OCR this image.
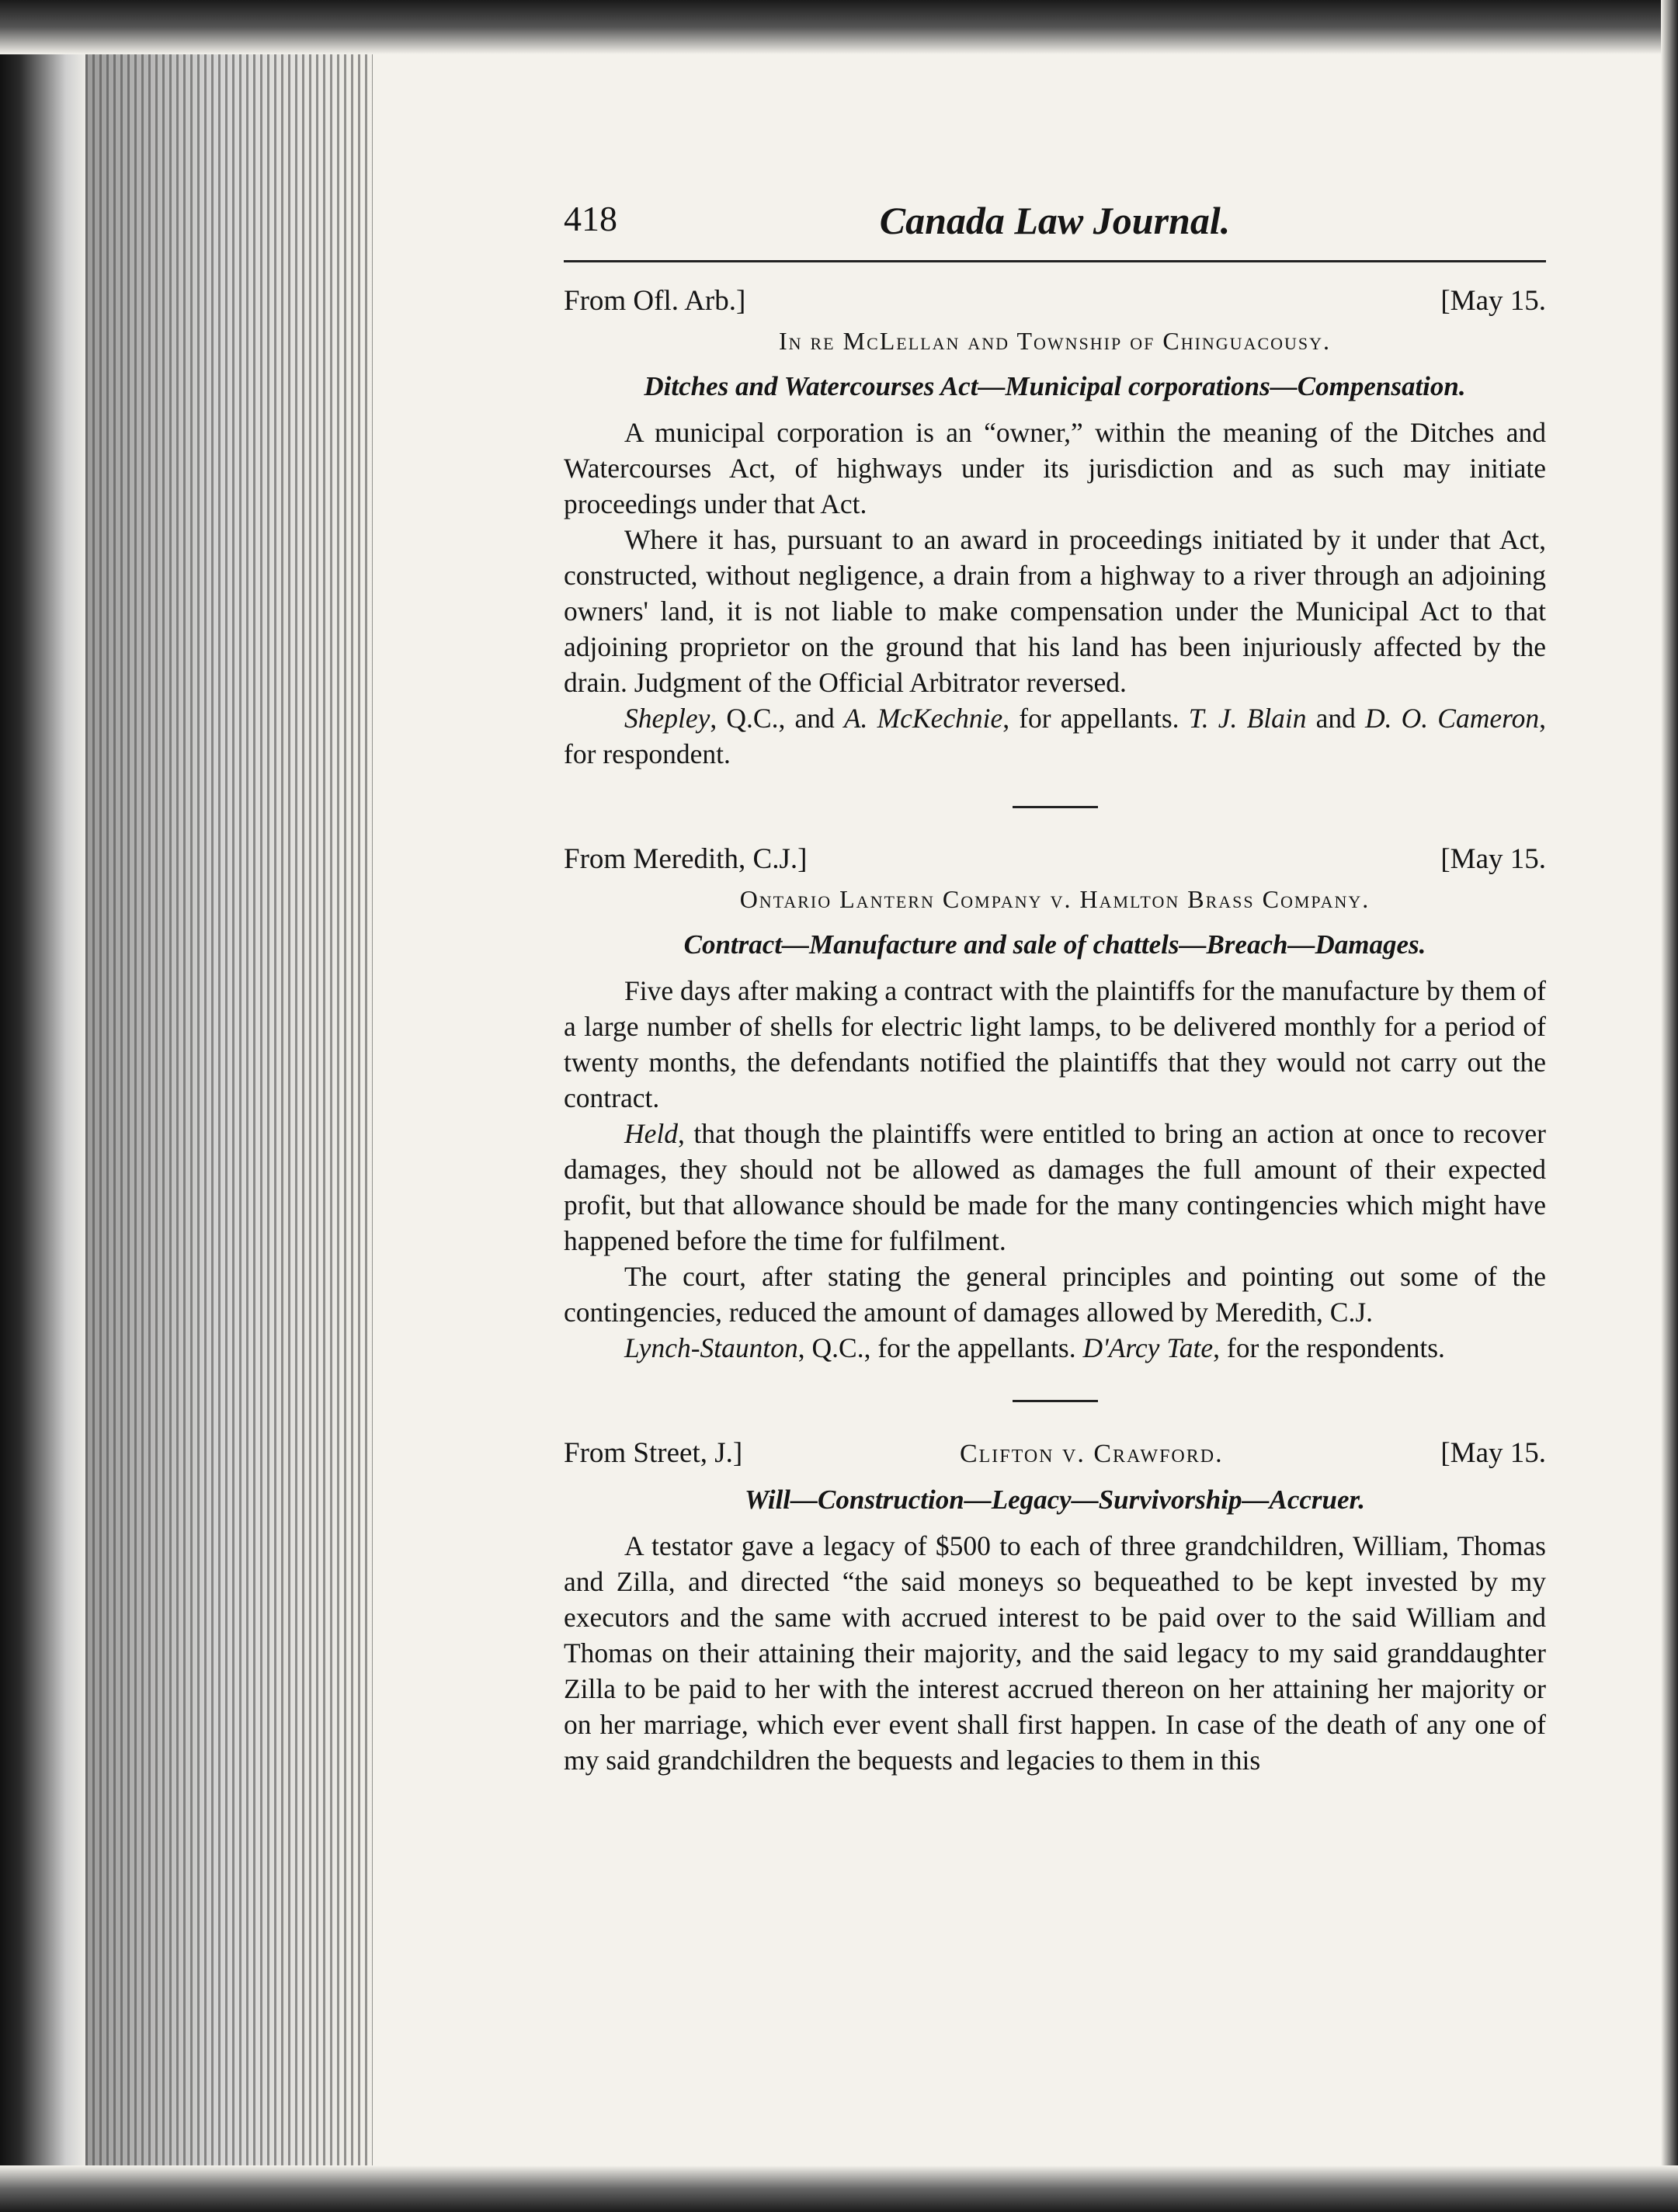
418	Canada Law Journal.
From Ofl. Arb.]	[May 15.
In re McLellan and Township of Chinguacousy.
Ditches and Watercourses Act—Municipal corporations—Compensation.

A municipal corporation is an “owner,” within the meaning of the Ditches and Watercourses Act, of highways under its jurisdiction and as such may initiate proceedings under that Act.

Where it has, pursuant to an award in proceedings initiated by it under that Act, constructed, without negligence, a drain from a highway to a river through an adjoining owners' land, it is not liable to make compensation under the Municipal Act to that adjoining proprietor on the ground that his land has been injuriously affected by the drain. Judgment of the Official Arbitrator reversed.

Shepley, Q.C., and A. McKechnie, for appellants. T. J. Blain and D. O. Cameron, for respondent.

From Meredith, C.J.]	[May 15.
Ontario Lantern Company v. Hamlton Brass Company.
Contract—Manufacture and sale of chattels—Breach—Damages.

Five days after making a contract with the plaintiffs for the manufacture by them of a large number of shells for electric light lamps, to be delivered monthly for a period of twenty months, the defendants notified the plaintiffs that they would not carry out the contract.

Held, that though the plaintiffs were entitled to bring an action at once to recover damages, they should not be allowed as damages the full amount of their expected profit, but that allowance should be made for the many contingencies which might have happened before the time for fulfilment.

The court, after stating the general principles and pointing out some of the contingencies, reduced the amount of damages allowed by Meredith, C.J.

Lynch-Staunton, Q.C., for the appellants. D'Arcy Tate, for the respondents.

From Street, J.]	Clifton v. Crawford.	[May 15.
Will—Construction—Legacy—Survivorship—Accruer.

A testator gave a legacy of $500 to each of three grandchildren, William, Thomas and Zilla, and directed “the said moneys so bequeathed to be kept invested by my executors and the same with accrued interest to be paid over to the said William and Thomas on their attaining their majority, and the said legacy to my said granddaughter Zilla to be paid to her with the interest accrued thereon on her attaining her majority or on her marriage, which ever event shall first happen. In case of the death of any one of my said grandchildren the bequests and legacies to them in this
